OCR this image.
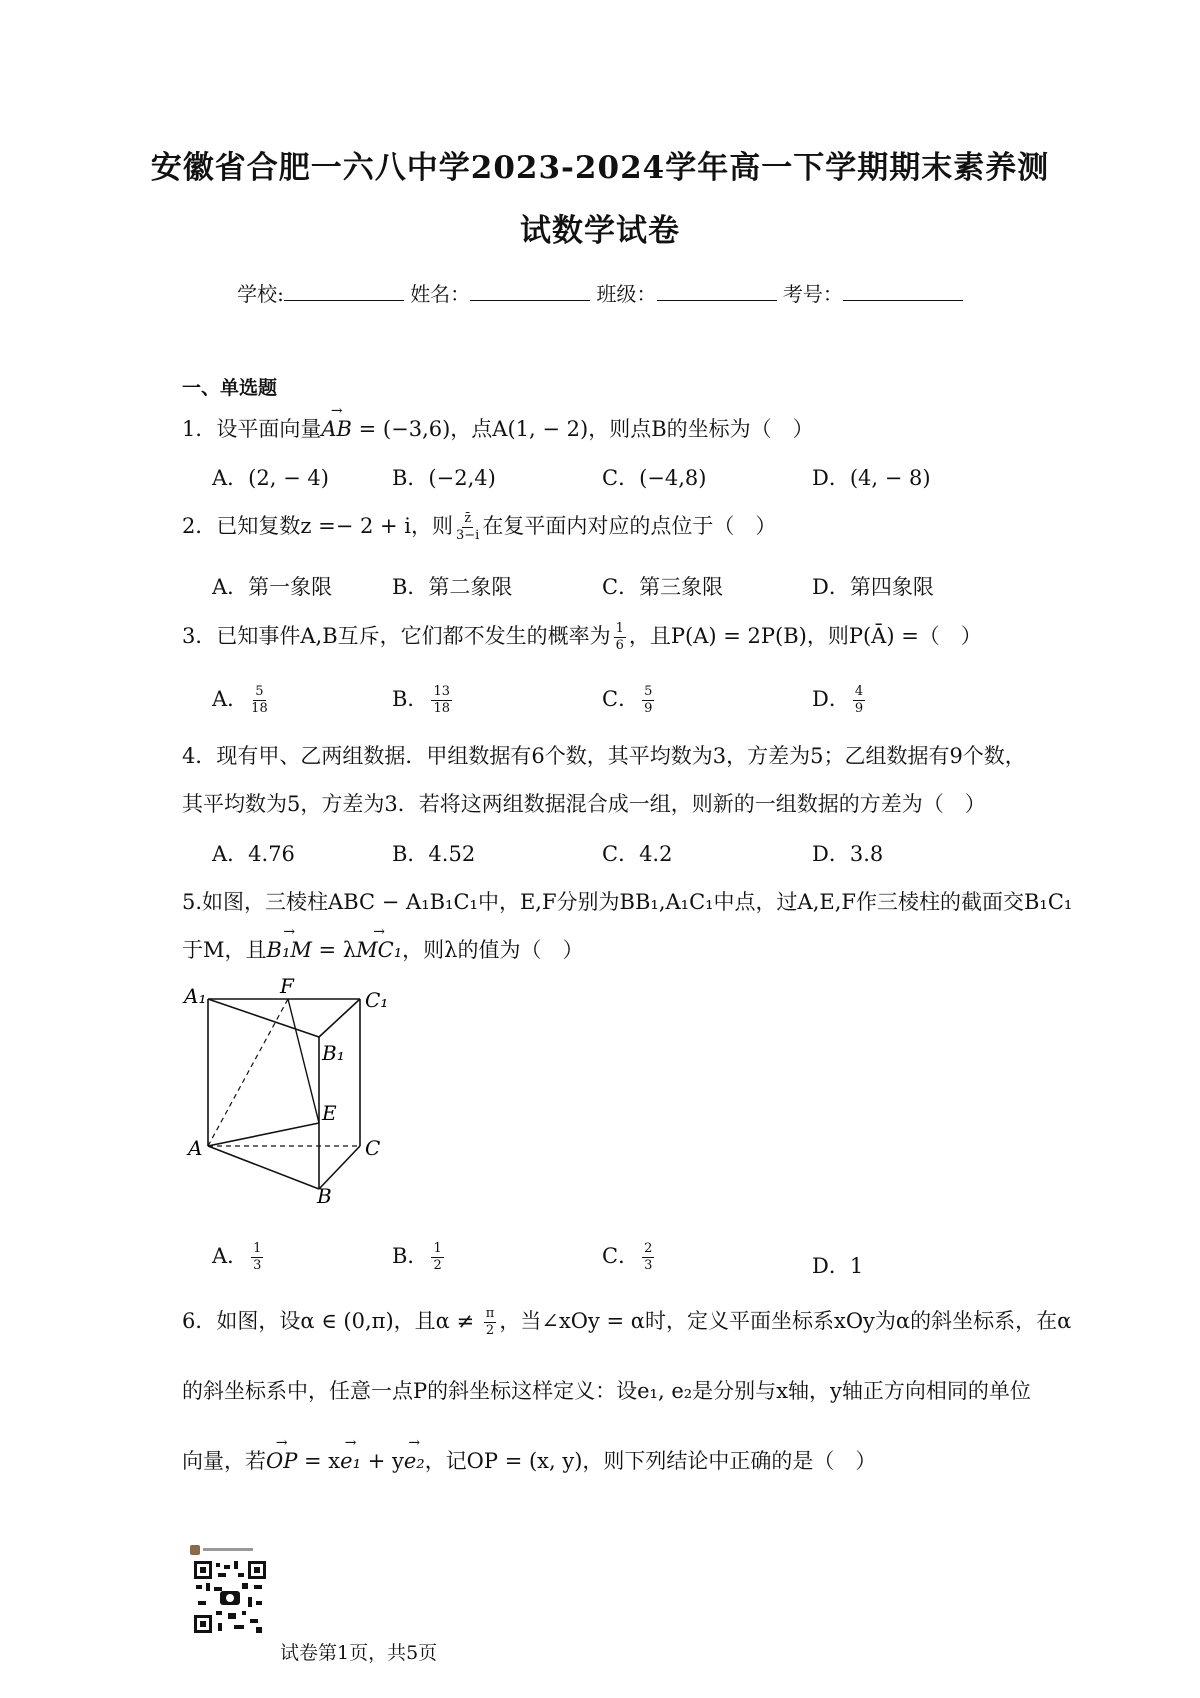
安徽省合肥一六八中学2023-2024学年高一下学期期末素养测
试数学试卷
学校:	姓名：	班级：	考号：
一、单选题
1．设平面向量→ AB = (−3,6)，点A(1, − 2)，则点B的坐标为（　）
A．(2, − 4)	B．(−2,4)	C．(−4,8)	D．(4, − 8)
2．已知复数z =− 2 + i，则 $\frac{z̄}{3-i}$ 在复平面内对应的点位于（　）
A．第一象限	B．第二象限	C．第三象限	D．第四象限
3．已知事件A,B互斥，它们都不发生的概率为 $\frac{1}{6}$ ，且P(A) = 2P(B)，则P(Ā) =（　）
A． $\frac{5}{18}$	B． $\frac{13}{18}$	C． $\frac{5}{9}$	D． $\frac{4}{9}$
4．现有甲、乙两组数据．甲组数据有6个数，其平均数为3，方差为5；乙组数据有9个数，
其平均数为5，方差为3．若将这两组数据混合成一组，则新的一组数据的方差为（　）
A．4.76	B．4.52	C．4.2	D．3.8
5.如图，三棱柱ABC − A₁B₁C₁中，E,F分别为BB₁,A₁C₁中点，过A,E,F作三棱柱的截面交B₁C₁
于M，且→ B₁M = λ→ MC₁，则λ的值为（　）
A₁	F
C₁
B₁
E
A	C
B
A． $\frac{1}{3}$	B． $\frac{1}{2}$	C． $\frac{2}{3}$	D．1
6．如图，设α ∈ (0,π)，且$\alpha \ne \frac{\pi}{2}$ ，当∠xOy = α时，定义平面坐标系xOy为α的斜坐标系，在α
的斜坐标系中，任意一点P的斜坐标这样定义：设e₁, e₂是分别与x轴，y轴正方向相同的单位
向量，若→ OP = x→ e₁ + y→ e₂，记OP = (x, y)，则下列结论中正确的是（　）
试卷第1页，共5页
